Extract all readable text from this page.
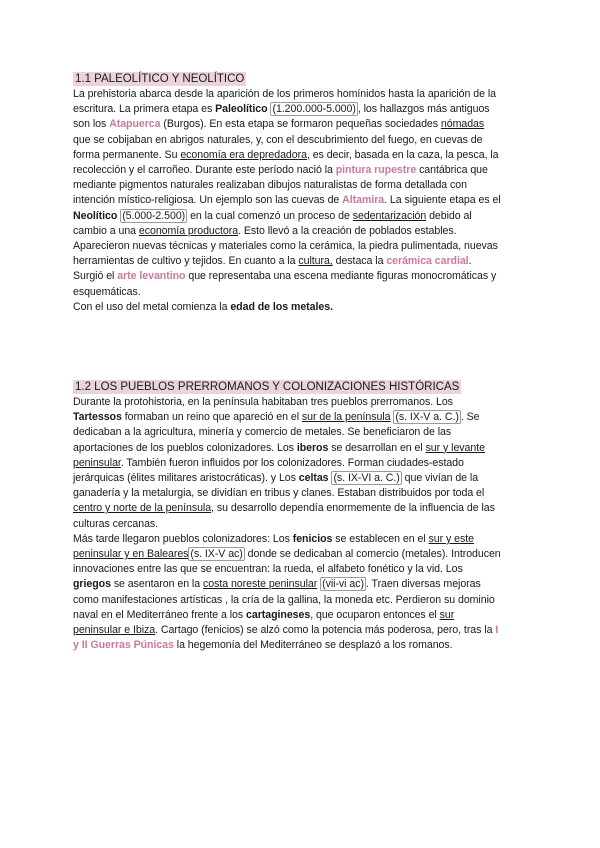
1.1 PALEOLÍTICO Y NEOLÍTICO
La prehistoria abarca desde la aparición de los primeros homínidos hasta la aparición de la
escritura. La primera etapa es Paleolítico (1.200.000-5.000) , los hallazgos más antiguos
son los Atapuerca (Burgos). En esta etapa se formaron pequeñas sociedades nómadas
que se cobijaban en abrigos naturales, y, con el descubrimiento del fuego, en cuevas de
forma permanente. Su economía era depredadora, es decir, basada en la caza, la pesca, la
recolección y el carroñeo. Durante este período nació la pintura rupestre cantábrica que
mediante pigmentos naturales realizaban dibujos naturalistas de forma detallada con
intención místico-religiosa. Un ejemplo son las cuevas de Altamira. La siguiente etapa es el
Neolítico (5.000-2.500) en la cual comenzó un proceso de sedentarización debido al
cambio a una economía productora. Esto llevó a la creación de poblados estables.
Aparecieron nuevas técnicas y materiales como la cerámica, la piedra pulimentada, nuevas
herramientas de cultivo y tejidos. En cuanto a la cultura, destaca la cerámica cardial.
Surgió el arte levantino que representaba una escena mediante figuras monocromáticas y
esquemáticas.
Con el uso del metal comienza la edad de los metales.
1.2 LOS PUEBLOS PRERROMANOS Y COLONIZACIONES HISTÓRICAS
Durante la protohistoria, en la península habitaban tres pueblos prerromanos. Los
Tartessos formaban un reino que apareció en el sur de la península (s. IX-V a. C.) . Se
dedicaban a la agricultura, minería y comercio de metales. Se beneficiaron de las
aportaciones de los pueblos colonizadores. Los iberos se desarrollan en el sur y levante
peninsular. También fueron influidos por los colonizadores. Forman ciudades-estado
jerárquicas (élites militares aristocráticas). y Los celtas (s. IX-VI a. C.) que vivían de la
ganadería y la metalurgia, se dividían en tribus y clanes. Estaban distribuidos por toda el
centro y norte de la península, su desarrollo dependía enormemente de la influencia de las
culturas cercanas.
Más tarde llegaron pueblos colonizadores: Los fenicios se establecen en el sur y este
peninsular y en Baleares (s. IX-V ac) donde se dedicaban al comercio (metales). Introducen
innovaciones entre las que se encuentran: la rueda, el alfabeto fonético y la vid. Los
griegos se asentaron en la costa noreste peninsular (vii-vi ac) . Traen diversas mejoras
como manifestaciones artísticas , la cría de la gallina, la moneda etc. Perdieron su dominio
naval en el Mediterráneo frente a los cartagineses, que ocuparon entonces el sur
peninsular e Ibiza. Cartago (fenicios) se alzó como la potencia más poderosa, pero, tras la I
y II Guerras Púnicas la hegemonía del Mediterráneo se desplazó a los romanos.
